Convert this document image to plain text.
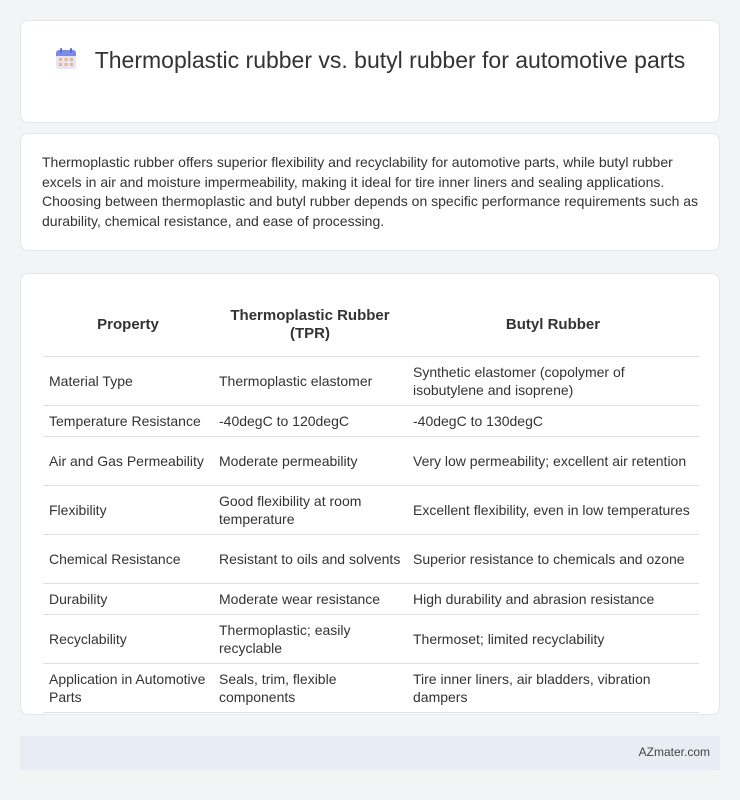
Thermoplastic rubber vs. butyl rubber for automotive parts

Thermoplastic rubber offers superior flexibility and recyclability for automotive parts, while butyl rubber excels in air and moisture impermeability, making it ideal for tire inner liners and sealing applications. Choosing between thermoplastic and butyl rubber depends on specific performance requirements such as durability, chemical resistance, and ease of processing.

Property	Thermoplastic Rubber (TPR)	Butyl Rubber
Material Type	Thermoplastic elastomer	Synthetic elastomer (copolymer of isobutylene and isoprene)
Temperature Resistance	-40degC to 120degC	-40degC to 130degC
Air and Gas Permeability	Moderate permeability	Very low permeability; excellent air retention
Flexibility	Good flexibility at room temperature	Excellent flexibility, even in low temperatures
Chemical Resistance	Resistant to oils and solvents	Superior resistance to chemicals and ozone
Durability	Moderate wear resistance	High durability and abrasion resistance
Recyclability	Thermoplastic; easily recyclable	Thermoset; limited recyclability
Application in Automotive Parts	Seals, trim, flexible components	Tire inner liners, air bladders, vibration dampers
AZmater.com
